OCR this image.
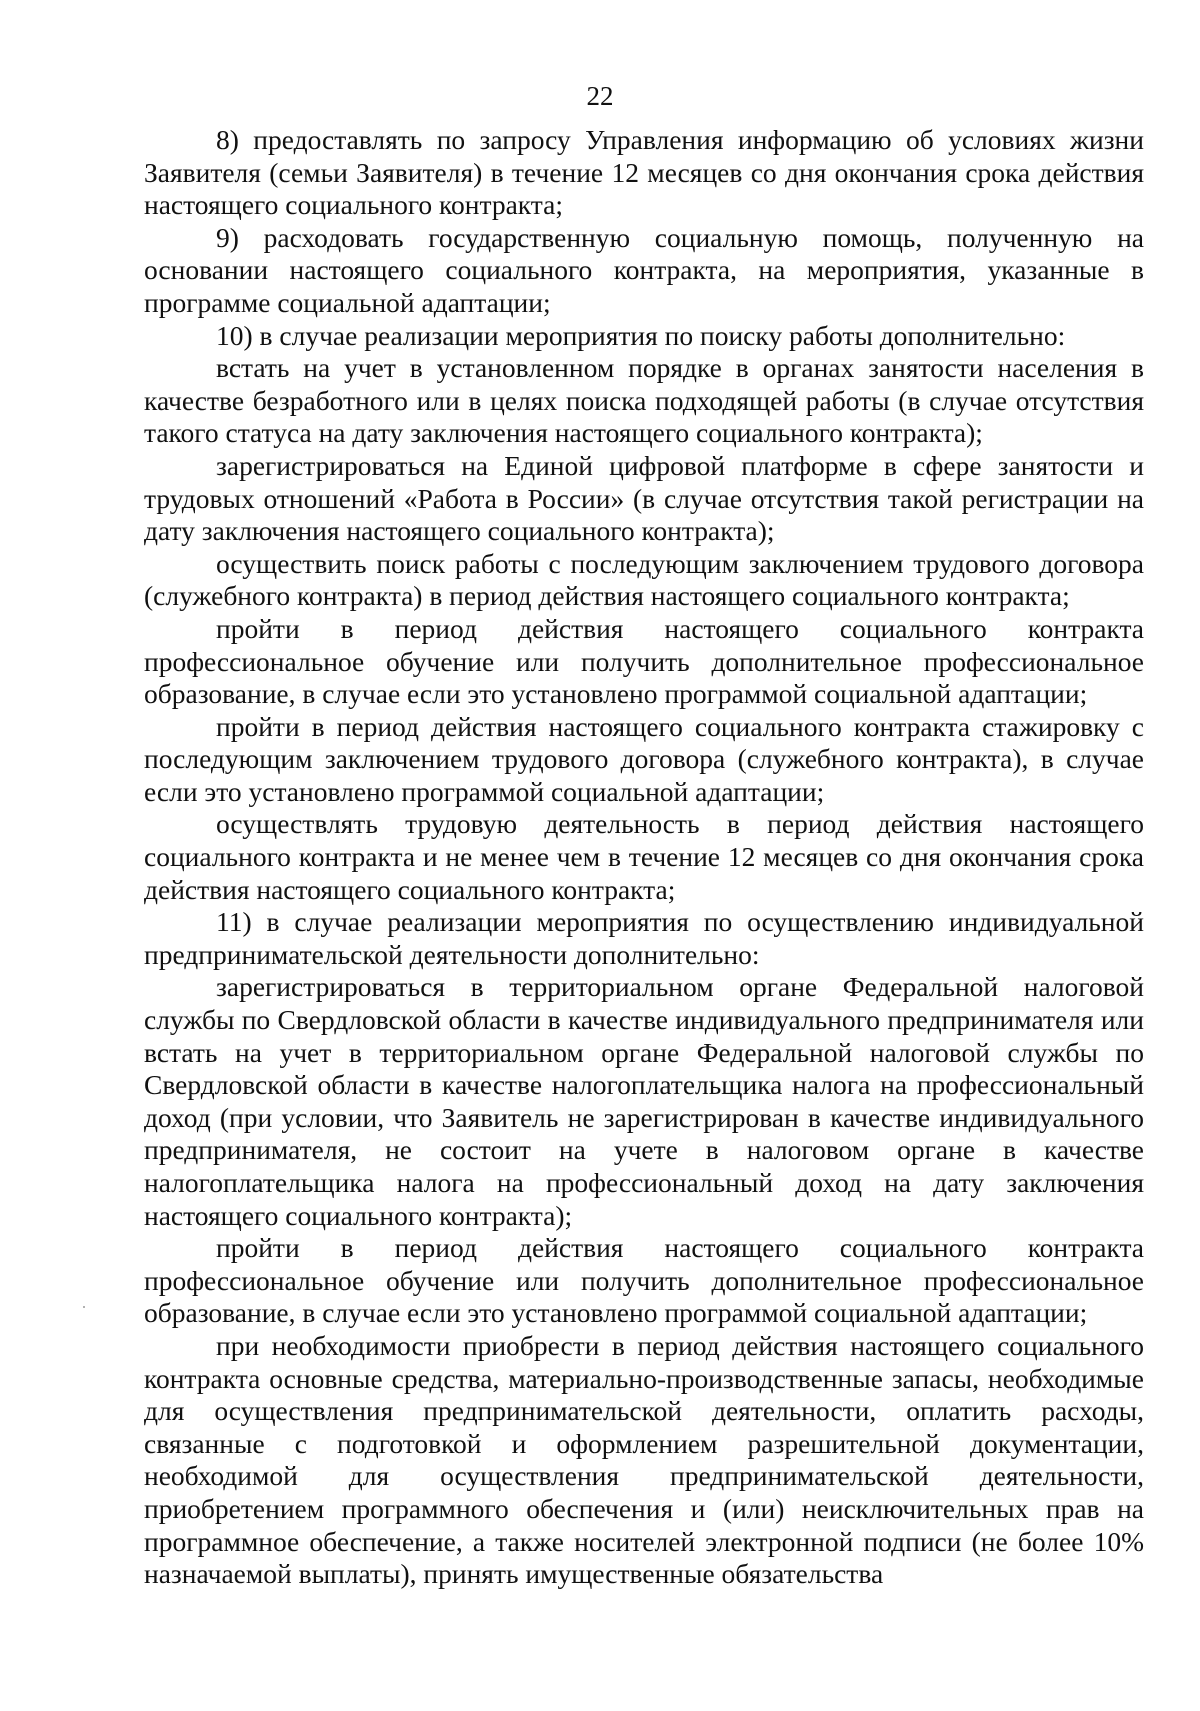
22

8) предоставлять по запросу Управления информацию об условиях жизни Заявителя (семьи Заявителя) в течение 12 месяцев со дня окончания срока действия настоящего социального контракта;

9) расходовать государственную социальную помощь, полученную на основании настоящего социального контракта, на мероприятия, указанные в программе социальной адаптации;

10) в случае реализации мероприятия по поиску работы дополнительно:

встать на учет в установленном порядке в органах занятости населения в качестве безработного или в целях поиска подходящей работы (в случае отсутствия такого статуса на дату заключения настоящего социального контракта);

зарегистрироваться на Единой цифровой платформе в сфере занятости и трудовых отношений «Работа в России» (в случае отсутствия такой регистрации на дату заключения настоящего социального контракта);

осуществить поиск работы с последующим заключением трудового договора (служебного контракта) в период действия настоящего социального контракта;

пройти в период действия настоящего социального контракта профессиональное обучение или получить дополнительное профессиональное образование, в случае если это установлено программой социальной адаптации;

пройти в период действия настоящего социального контракта стажировку с последующим заключением трудового договора (служебного контракта), в случае если это установлено программой социальной адаптации;

осуществлять трудовую деятельность в период действия настоящего социального контракта и не менее чем в течение 12 месяцев со дня окончания срока действия настоящего социального контракта;

11) в случае реализации мероприятия по осуществлению индивидуальной предпринимательской деятельности дополнительно:

зарегистрироваться в территориальном органе Федеральной налоговой службы по Свердловской области в качестве индивидуального предпринимателя или встать на учет в территориальном органе Федеральной налоговой службы по Свердловской области в качестве налогоплательщика налога на профессиональный доход (при условии, что Заявитель не зарегистрирован в качестве индивидуального предпринимателя, не состоит на учете в налоговом органе в качестве налогоплательщика налога на профессиональный доход на дату заключения настоящего социального контракта);

пройти в период действия настоящего социального контракта профессиональное обучение или получить дополнительное профессиональное образование, в случае если это установлено программой социальной адаптации;

при необходимости приобрести в период действия настоящего социального контракта основные средства, материально-производственные запасы, необходимые для осуществления предпринимательской деятельности, оплатить расходы, связанные с подготовкой и оформлением разрешительной документации, необходимой для осуществления предпринимательской деятельности, приобретением программного обеспечения и (или) неисключительных прав на программное обеспечение, а также носителей электронной подписи (не более 10% назначаемой выплаты), принять имущественные обязательства
